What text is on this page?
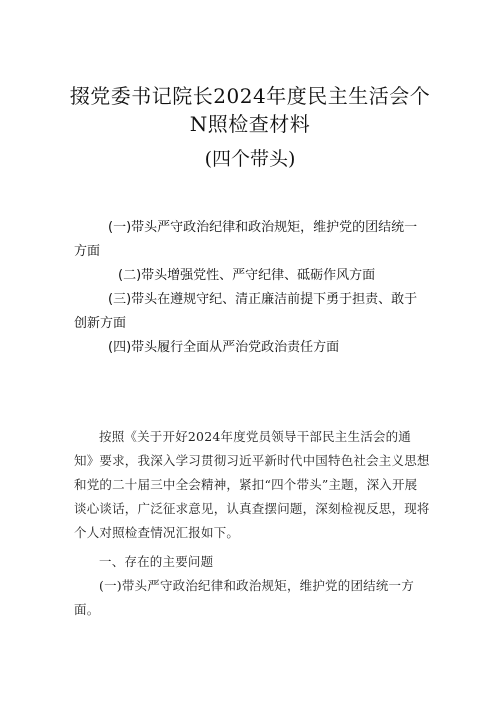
掇党委书记院长2024年度民主生活会个
N照检查材料
(四个带头)
(一)带头严守政治纪律和政治规矩，维护党的团结统一方面
(二)带头增强党性、严守纪律、砥砺作风方面
(三)带头在遵规守纪、清正廉洁前提下勇于担责、敢于创新方面
(四)带头履行全面从严治党政治责任方面
按照《关于开好2024年度党员领导干部民主生活会的通知》要求，我深入学习贯彻习近平新时代中国特色社会主义思想和党的二十届三中全会精神，紧扣“四个带头”主题，深入开展谈心谈话，广泛征求意见，认真查摆问题，深刻检视反思，现将个人对照检查情况汇报如下。
一、存在的主要问题
(一)带头严守政治纪律和政治规矩，维护党的团结统一方面。
